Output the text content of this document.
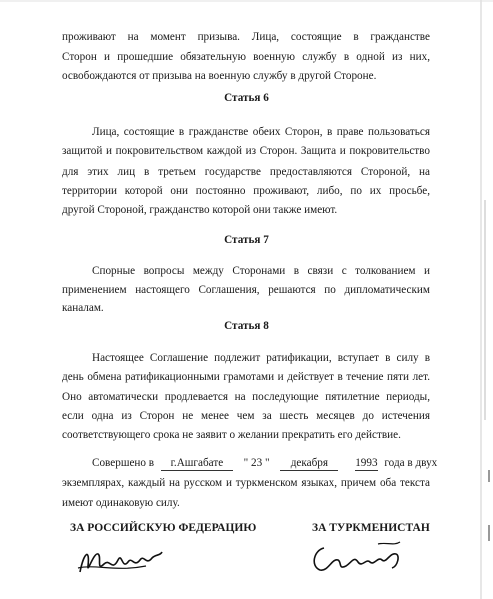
проживают на момент призыва. Лица, состоящие в гражданстве
Сторон и прошедшие обязательную военную службу в одной из них,
освобождаются от призыва на военную службу в другой Стороне.
Статья 6
Лица, состоящие в гражданстве обеих Сторон, в праве пользоваться
защитой и покровительством каждой из Сторон. Защита и покровительство
для этих лиц в третьем государстве предоставляются Стороной, на
территории которой они постоянно проживают, либо, по их просьбе,
другой Стороной, гражданство которой они также имеют.
Статья 7
Спорные вопросы между Сторонами в связи с толкованием и
применением настоящего Соглашения, решаются по дипломатическим
каналам.
Статья 8
Настоящее Соглашение подлежит ратификации, вступает в силу в
день обмена ратификационными грамотами и действует в течение пяти лет.
Оно автоматически продлевается на последующие пятилетние периоды,
если одна из Сторон не менее чем за шесть месяцев до истечения
соответствующего срока не заявит о желании прекратить его действие.
Совершено в г.Ашгабате " 23 " декабря 1993 года в двух
экземплярах, каждый на русском и туркменском языках, причем оба текста
имеют одинаковую силу.
ЗА РОССИЙСКУЮ ФЕДЕРАЦИЮ	ЗА ТУРКМЕНИСТАН
